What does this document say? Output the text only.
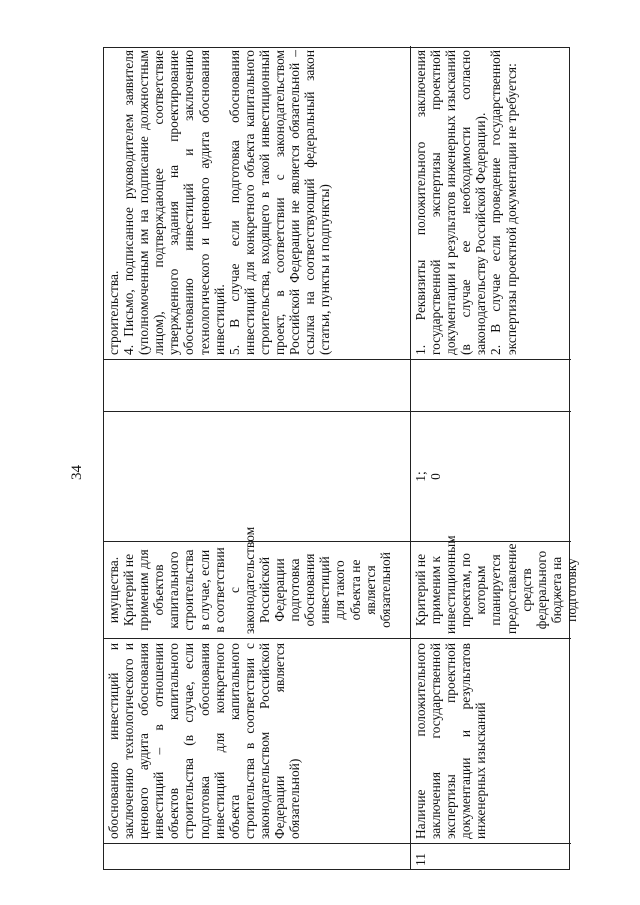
34
обоснованию инвестиций и заключению технологического и ценового аудита обоснования инвестиций – в отношении объектов капитального строительства (в случае, если подготовка обоснования инвестиций для конкретного объекта капитального строительства в соответствии с законодательством Российской Федерации является обязательной)
имущества.
Критерий не применим для объектов капитального строительства в случае, если в соответствии с законодательством Российской Федерации подготовка обоснования инвестиций для такого объекта не является обязательной
строительства.
4. Письмо, подписанное руководителем заявителя (уполномоченным им на подписание должностным лицом), подтверждающее соответствие утвержденного задания на проектирование обоснованию инвестиций и заключению технологического и ценового аудита обоснования инвестиций.
5. В случае если подготовка обоснования инвестиций для конкретного объекта капитального строительства, входящего в такой инвестиционный проект, в соответствии с законодательством Российской Федерации не является обязательной – ссылка на соответствующий федеральный закон (статьи, пункты и подпункты)
11
Наличие положительного заключения государственной экспертизы проектной документации и результатов инженерных изысканий
Критерий не применим к инвестиционным проектам, по которым планируется предоставление средств федерального бюджета на подготовку
1;
0
1. Реквизиты положительного заключения государственной экспертизы проектной документации и результатов инженерных изысканий (в случае ее необходимости согласно законодательству Российской Федерации).
2. В случае если проведение государственной экспертизы проектной документации не требуется:
